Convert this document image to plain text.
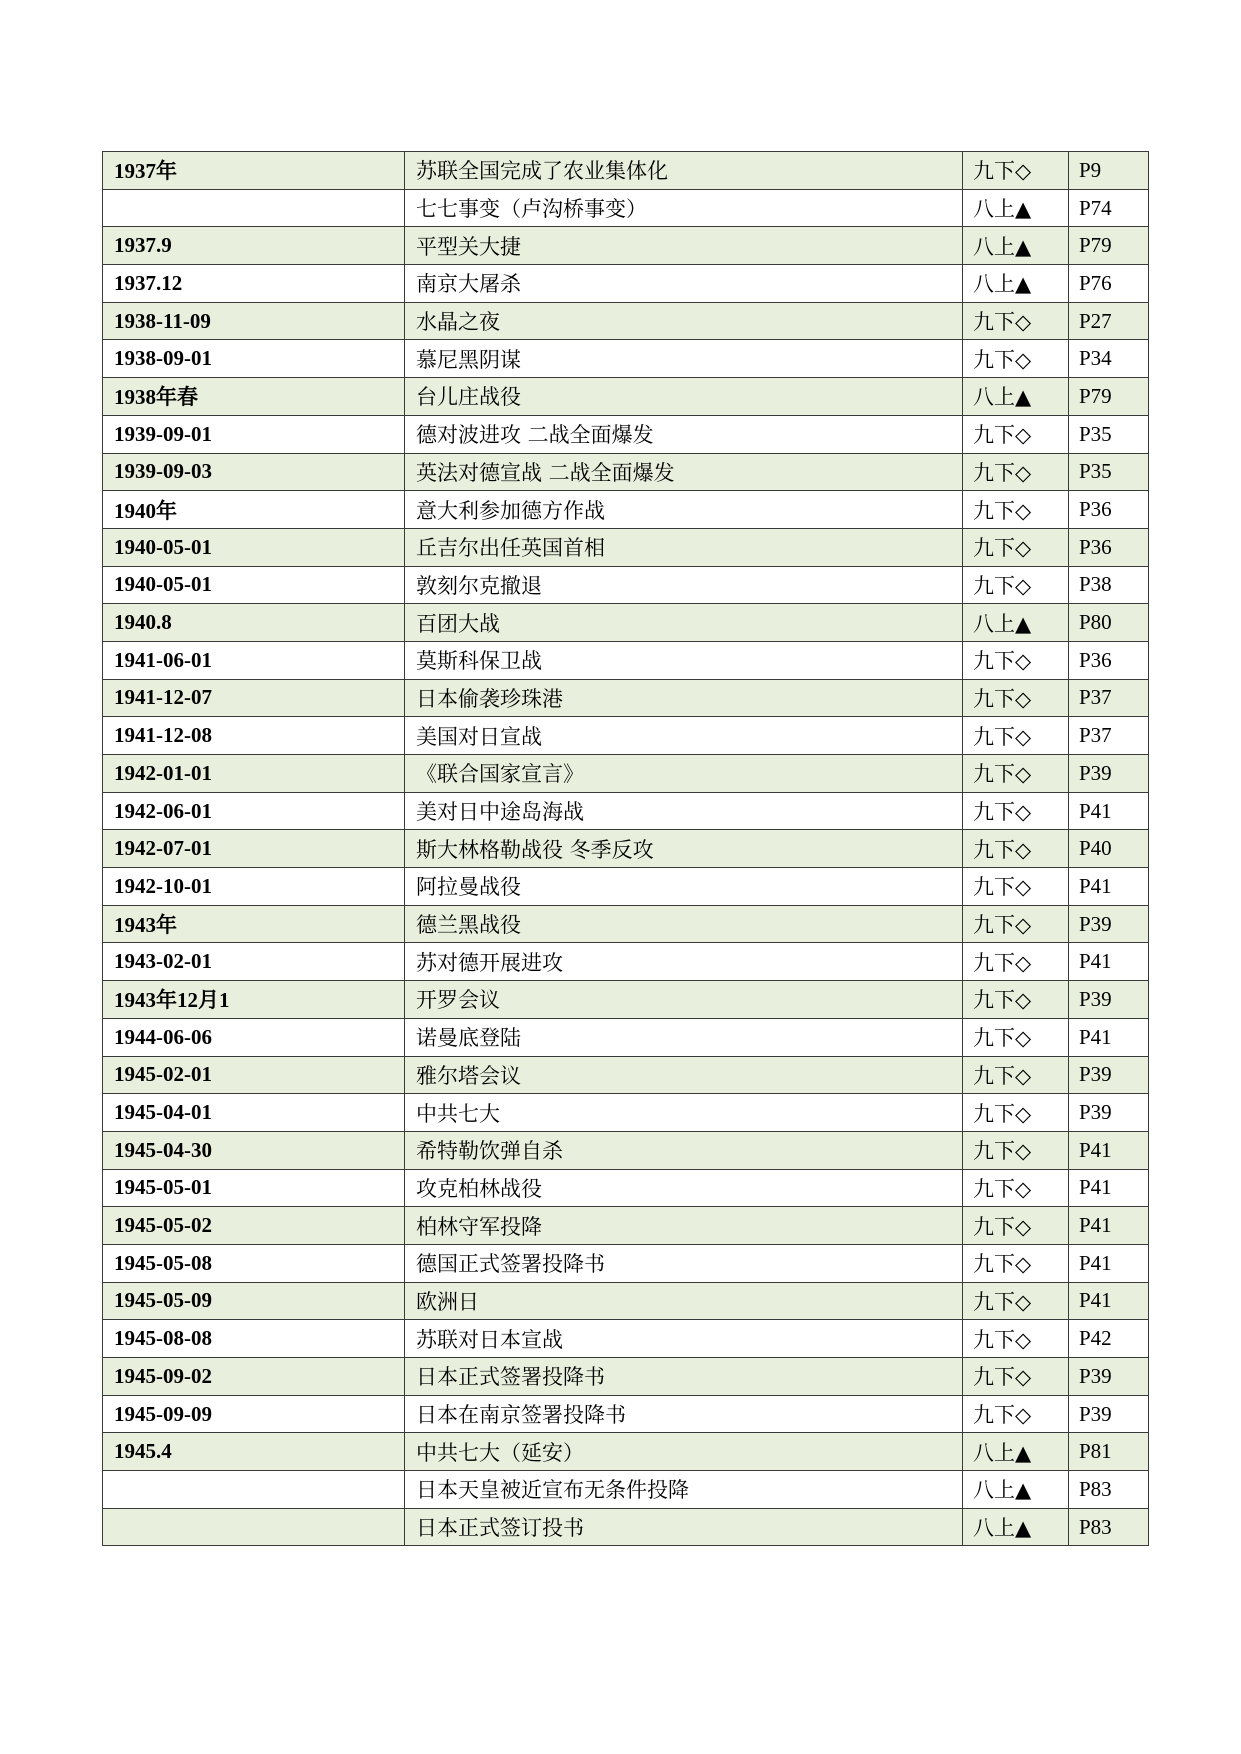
1937年	苏联全国完成了农业集体化	九下◇	P9
	七七事变（卢沟桥事变）	八上▲	P74
1937.9	平型关大捷	八上▲	P79
1937.12	南京大屠杀	八上▲	P76
1938-11-09	水晶之夜	九下◇	P27
1938-09-01	慕尼黑阴谋	九下◇	P34
1938年春	台儿庄战役	八上▲	P79
1939-09-01	德对波进攻 二战全面爆发	九下◇	P35
1939-09-03	英法对德宣战 二战全面爆发	九下◇	P35
1940年	意大利参加德方作战	九下◇	P36
1940-05-01	丘吉尔出任英国首相	九下◇	P36
1940-05-01	敦刻尔克撤退	九下◇	P38
1940.8	百团大战	八上▲	P80
1941-06-01	莫斯科保卫战	九下◇	P36
1941-12-07	日本偷袭珍珠港	九下◇	P37
1941-12-08	美国对日宣战	九下◇	P37
1942-01-01	《联合国家宣言》	九下◇	P39
1942-06-01	美对日中途岛海战	九下◇	P41
1942-07-01	斯大林格勒战役 冬季反攻	九下◇	P40
1942-10-01	阿拉曼战役	九下◇	P41
1943年	德兰黑战役	九下◇	P39
1943-02-01	苏对德开展进攻	九下◇	P41
1943年12月1	开罗会议	九下◇	P39
1944-06-06	诺曼底登陆	九下◇	P41
1945-02-01	雅尔塔会议	九下◇	P39
1945-04-01	中共七大	九下◇	P39
1945-04-30	希特勒饮弹自杀	九下◇	P41
1945-05-01	攻克柏林战役	九下◇	P41
1945-05-02	柏林守军投降	九下◇	P41
1945-05-08	德国正式签署投降书	九下◇	P41
1945-05-09	欧洲日	九下◇	P41
1945-08-08	苏联对日本宣战	九下◇	P42
1945-09-02	日本正式签署投降书	九下◇	P39
1945-09-09	日本在南京签署投降书	九下◇	P39
1945.4	中共七大（延安）	八上▲	P81
	日本天皇被近宣布无条件投降	八上▲	P83
	日本正式签订投书	八上▲	P83
